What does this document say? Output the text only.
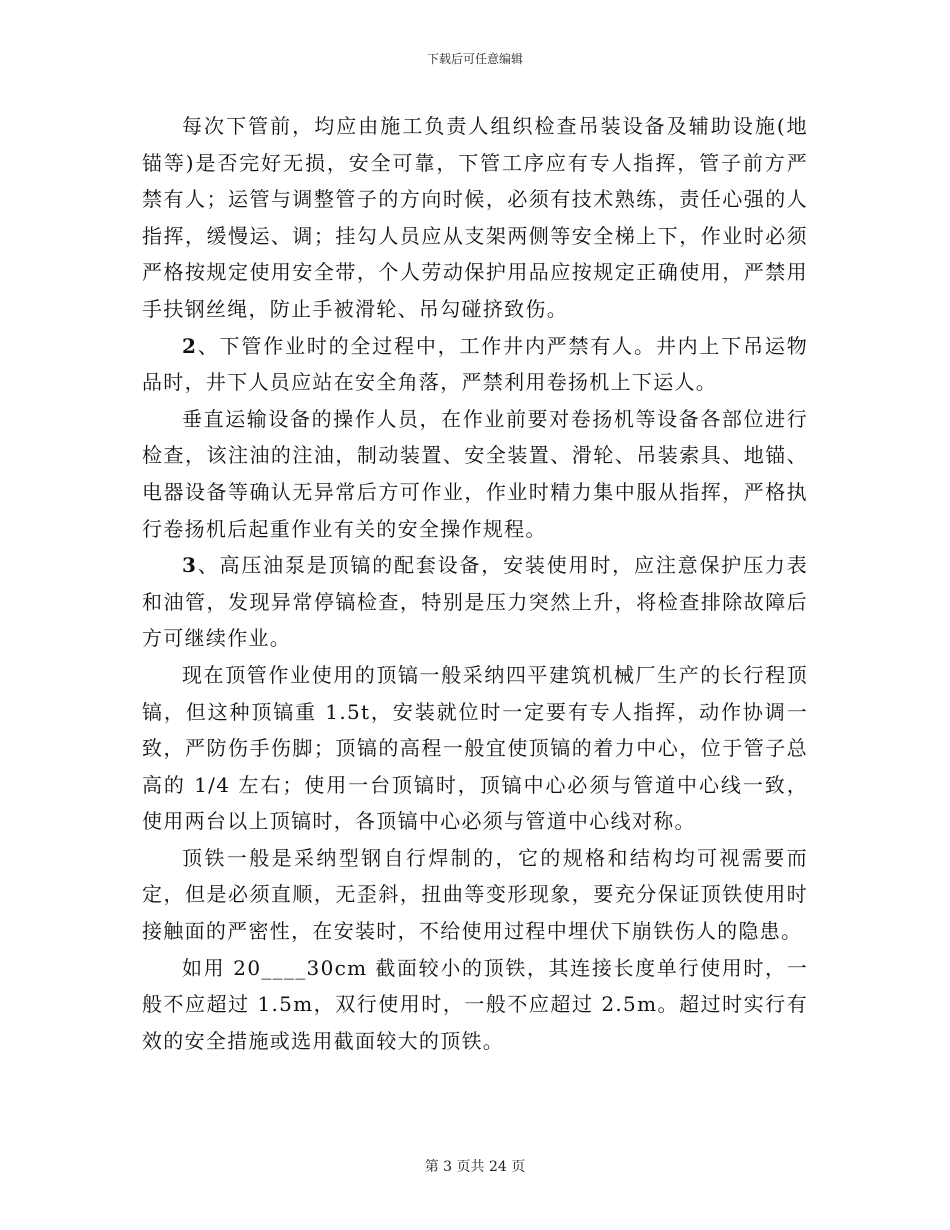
下载后可任意编辑

每次下管前，均应由施工负责人组织检查吊装设备及辅助设施(地锚等)是否完好无损，安全可靠，下管工序应有专人指挥，管子前方严禁有人；运管与调整管子的方向时候，必须有技术熟练，责任心强的人指挥，缓慢运、调；挂勾人员应从支架两侧等安全梯上下，作业时必须严格按规定使用安全带，个人劳动保护用品应按规定正确使用，严禁用手扶钢丝绳，防止手被滑轮、吊勾碰挤致伤。

2、下管作业时的全过程中，工作井内严禁有人。井内上下吊运物品时，井下人员应站在安全角落，严禁利用卷扬机上下运人。

垂直运输设备的操作人员，在作业前要对卷扬机等设备各部位进行检查，该注油的注油，制动装置、安全装置、滑轮、吊装索具、地锚、电器设备等确认无异常后方可作业，作业时精力集中服从指挥，严格执行卷扬机后起重作业有关的安全操作规程。

3、高压油泵是顶镐的配套设备，安装使用时，应注意保护压力表和油管，发现异常停镐检查，特别是压力突然上升，将检查排除故障后方可继续作业。

现在顶管作业使用的顶镐一般采纳四平建筑机械厂生产的长行程顶镐，但这种顶镐重 1.5t，安装就位时一定要有专人指挥，动作协调一致，严防伤手伤脚；顶镐的高程一般宜使顶镐的着力中心，位于管子总高的 1/4 左右；使用一台顶镐时，顶镐中心必须与管道中心线一致，使用两台以上顶镐时，各顶镐中心必须与管道中心线对称。

顶铁一般是采纳型钢自行焊制的，它的规格和结构均可视需要而定，但是必须直顺，无歪斜，扭曲等变形现象，要充分保证顶铁使用时接触面的严密性，在安装时，不给使用过程中埋伏下崩铁伤人的隐患。

如用 20____30cm 截面较小的顶铁，其连接长度单行使用时，一般不应超过 1.5m，双行使用时，一般不应超过 2.5m。超过时实行有效的安全措施或选用截面较大的顶铁。

第 3 页共 24 页
